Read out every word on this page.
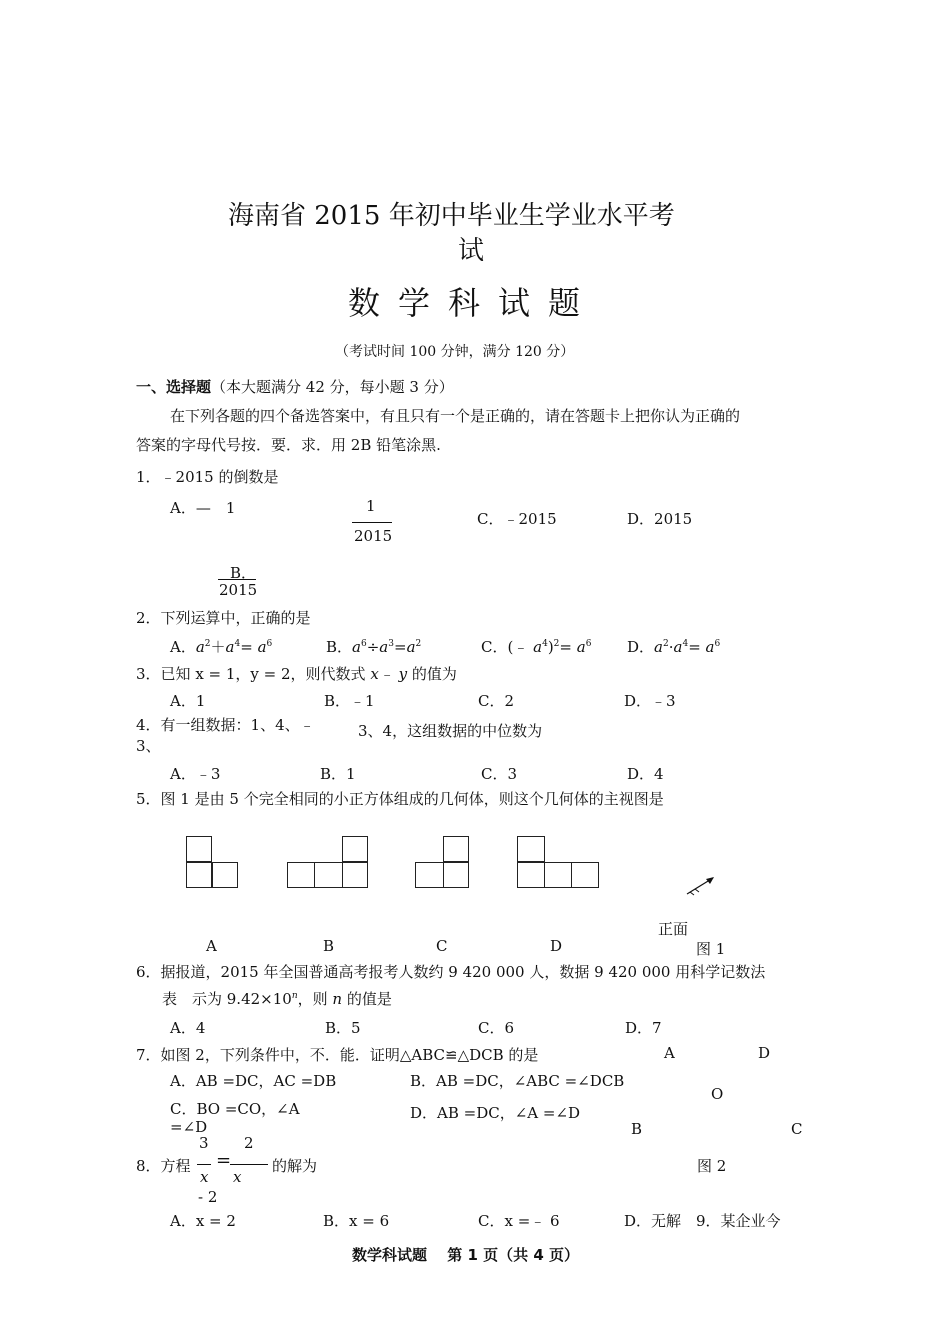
海南省 2015 年初中毕业生学业水平考
试
数学科试题
（考试时间 100 分钟，满分 120 分）
一、选择题（本大题满分 42 分，每小题 3 分）
在下列各题的四个备选答案中，有且只有一个是正确的，请在答题卡上把你认为正确的
答案的字母代号按．要．求．用 2B 铅笔涂黑.
1．﹣2015 的倒数是
A．—　1	1
2015
C．﹣2015	D．2015
B．
2015
2．下列运算中，正确的是
A．$a^2+a^4= a^6$	B．$a^6\div a^3=a^2$	C．(﹣ $a^4)^2= a^6$ D．$a^2\cdot a^4= a^6$
3．已知 x = 1，y = 2，则代数式 x﹣ y 的值为
A．1	B．﹣1	C．2	D．﹣3
4．有一组数据：1、4、﹣	3、4，这组数据的中位数为
3、
A．﹣3	B．1	C．3	D．4
5．图 1 是由 5 个完全相同的小正方体组成的几何体，则这个几何体的主视图是
正面
A	B	C	D	图 1
6．据报道，2015 年全国普通高考报考人数约 9 420 000 人，数据 9 420 000 用科学记数法
表　示为 $9.42\times 10^n$，则 n 的值是
A．4	B．5	C．6	D．7
7．如图 2，下列条件中，不．能．证明△ABC≌△DCB 的是
A．AB =DC，AC =DB	B．AB =DC，∠ABC =∠DCB
C．BO =CO，∠A
=∠D
D．AB =DC，∠A =∠D
A	D
O
B	C
图 2
8．方程
3
x
- 2
=
2
x
的解为
A．x = 2	B．x = 6	C．x =﹣ 6	D．无解 9．某企业今
数学科试题　 第 1 页（共 4 页）
